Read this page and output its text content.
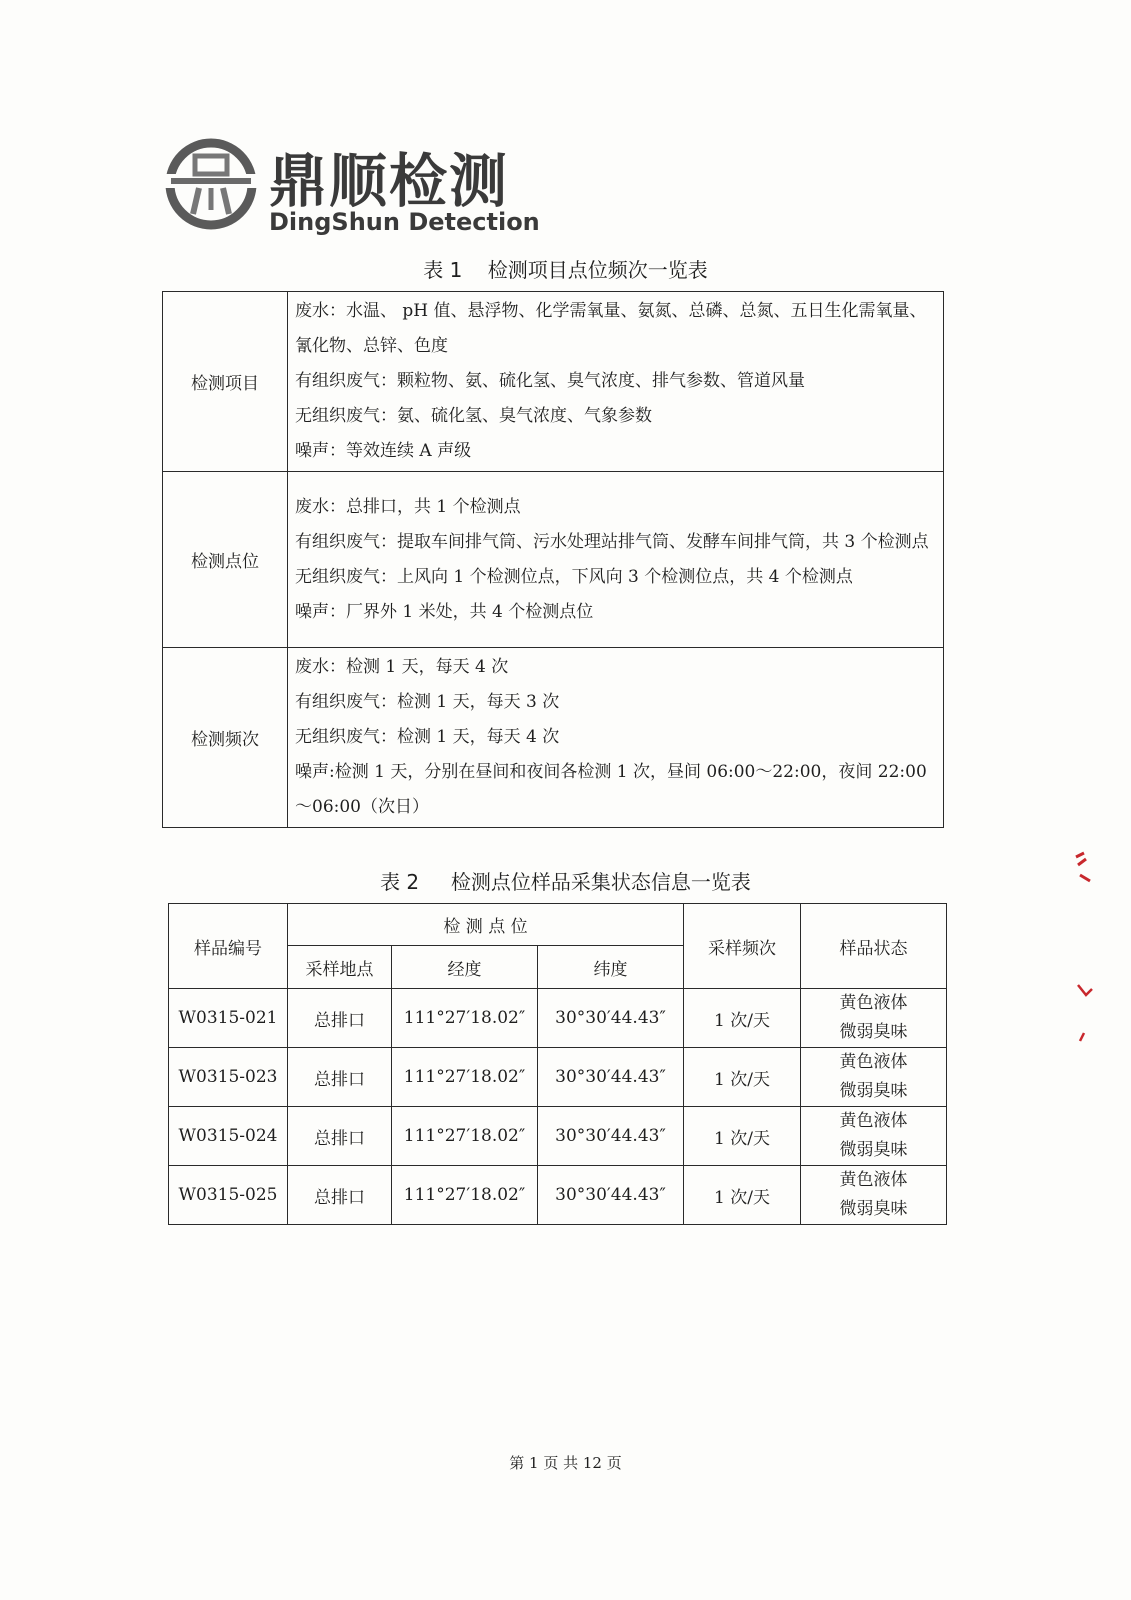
鼎顺检测
DingShun Detection
表 1    检测项目点位频次一览表
检测项目	废水：水温、 pH 值、悬浮物、化学需氧量、氨氮、总磷、总氮、五日生化需氧量、氰化物、总锌、色度
有组织废气：颗粒物、氨、硫化氢、臭气浓度、排气参数、管道风量
无组织废气：氨、硫化氢、臭气浓度、气象参数
噪声：等效连续 A 声级

检测点位	废水：总排口，共 1 个检测点
有组织废气：提取车间排气筒、污水处理站排气筒、发酵车间排气筒，共 3 个检测点
无组织废气：上风向 1 个检测位点，下风向 3 个检测位点，共 4 个检测点
噪声：厂界外 1 米处，共 4 个检测点位

检测频次	废水：检测 1 天，每天 4 次
有组织废气：检测 1 天，每天 3 次
无组织废气：检测 1 天，每天 4 次
噪声:检测 1 天，分别在昼间和夜间各检测 1 次，昼间 06:00～22:00，夜间 22:00～06:00（次日）
表 2     检测点位样品采集状态信息一览表
样品编号	检 测 点 位			采样频次	样品状态
	采样地点	经度	纬度		
W0315-021	总排口	111°27′18.02″	30°30′44.43″	1 次/天	黄色液体
微弱臭味

W0315-023	总排口	111°27′18.02″	30°30′44.43″	1 次/天	黄色液体
微弱臭味

W0315-024	总排口	111°27′18.02″	30°30′44.43″	1 次/天	黄色液体
微弱臭味

W0315-025	总排口	111°27′18.02″	30°30′44.43″	1 次/天	黄色液体
微弱臭味
第 1 页 共 12 页
